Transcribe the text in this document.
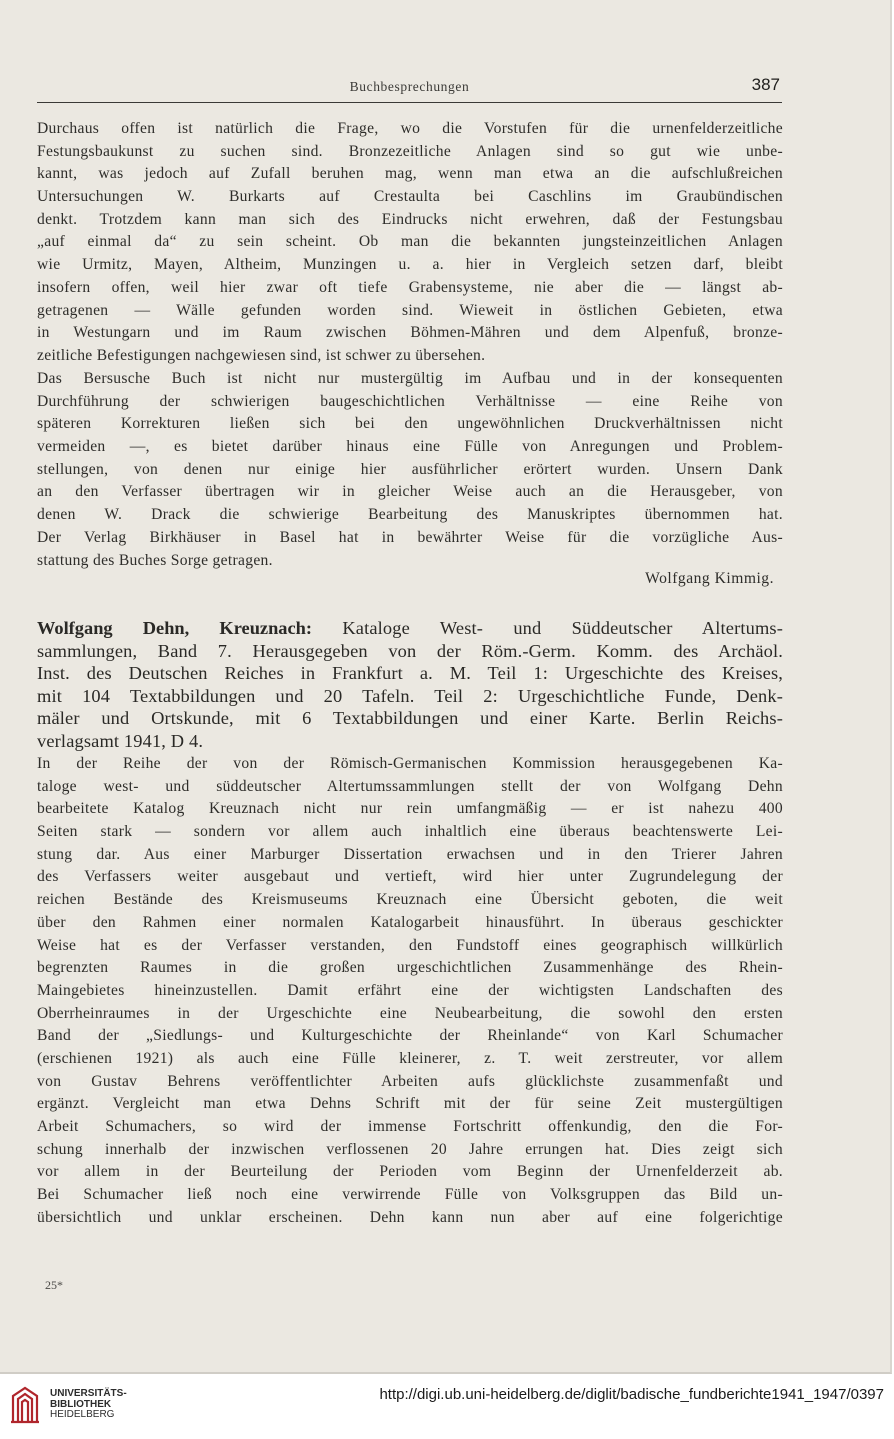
Buchbesprechungen	387
Durchaus offen ist natürlich die Frage, wo die Vorstufen für die urnenfelderzeitliche
Festungsbaukunst zu suchen sind. Bronzezeitliche Anlagen sind so gut wie unbe-
kannt, was jedoch auf Zufall beruhen mag, wenn man etwa an die aufschlußreichen
Untersuchungen W. Burkarts auf Crestaulta bei Caschlins im Graubündischen
denkt. Trotzdem kann man sich des Eindrucks nicht erwehren, daß der Festungsbau
„auf einmal da“ zu sein scheint. Ob man die bekannten jungsteinzeitlichen Anlagen
wie Urmitz, Mayen, Altheim, Munzingen u. a. hier in Vergleich setzen darf, bleibt
insofern offen, weil hier zwar oft tiefe Grabensysteme, nie aber die — längst ab-
getragenen — Wälle gefunden worden sind. Wieweit in östlichen Gebieten, etwa
in Westungarn und im Raum zwischen Böhmen-Mähren und dem Alpenfuß, bronze-
zeitliche Befestigungen nachgewiesen sind, ist schwer zu übersehen.
Das Bersusche Buch ist nicht nur mustergültig im Aufbau und in der konsequenten
Durchführung der schwierigen baugeschichtlichen Verhältnisse — eine Reihe von
späteren Korrekturen ließen sich bei den ungewöhnlichen Druckverhältnissen nicht
vermeiden —, es bietet darüber hinaus eine Fülle von Anregungen und Problem-
stellungen, von denen nur einige hier ausführlicher erörtert wurden. Unsern Dank
an den Verfasser übertragen wir in gleicher Weise auch an die Herausgeber, von
denen W. Drack die schwierige Bearbeitung des Manuskriptes übernommen hat.
Der Verlag Birkhäuser in Basel hat in bewährter Weise für die vorzügliche Aus-
stattung des Buches Sorge getragen.
Wolfgang Kimmig.
Wolfgang Dehn, Kreuznach: Kataloge West- und Süddeutscher Altertums-
sammlungen, Band 7. Herausgegeben von der Röm.-Germ. Komm. des Archäol.
Inst. des Deutschen Reiches in Frankfurt a. M. Teil 1: Urgeschichte des Kreises,
mit 104 Textabbildungen und 20 Tafeln. Teil 2: Urgeschichtliche Funde, Denk-
mäler und Ortskunde, mit 6 Textabbildungen und einer Karte. Berlin Reichs-
verlagsamt 1941, D 4.
In der Reihe der von der Römisch-Germanischen Kommission herausgegebenen Ka-
taloge west- und süddeutscher Altertumssammlungen stellt der von Wolfgang Dehn
bearbeitete Katalog Kreuznach nicht nur rein umfangmäßig — er ist nahezu 400
Seiten stark — sondern vor allem auch inhaltlich eine überaus beachtenswerte Lei-
stung dar. Aus einer Marburger Dissertation erwachsen und in den Trierer Jahren
des Verfassers weiter ausgebaut und vertieft, wird hier unter Zugrundelegung der
reichen Bestände des Kreismuseums Kreuznach eine Übersicht geboten, die weit
über den Rahmen einer normalen Katalogarbeit hinausführt. In überaus geschickter
Weise hat es der Verfasser verstanden, den Fundstoff eines geographisch willkürlich
begrenzten Raumes in die großen urgeschichtlichen Zusammenhänge des Rhein-
Maingebietes hineinzustellen. Damit erfährt eine der wichtigsten Landschaften des
Oberrheinraumes in der Urgeschichte eine Neubearbeitung, die sowohl den ersten
Band der „Siedlungs- und Kulturgeschichte der Rheinlande“ von Karl Schumacher
(erschienen 1921) als auch eine Fülle kleinerer, z. T. weit zerstreuter, vor allem
von Gustav Behrens veröffentlichter Arbeiten aufs glücklichste zusammenfaßt und
ergänzt. Vergleicht man etwa Dehns Schrift mit der für seine Zeit mustergültigen
Arbeit Schumachers, so wird der immense Fortschritt offenkundig, den die For-
schung innerhalb der inzwischen verflossenen 20 Jahre errungen hat. Dies zeigt sich
vor allem in der Beurteilung der Perioden vom Beginn der Urnenfelderzeit ab.
Bei Schumacher ließ noch eine verwirrende Fülle von Volksgruppen das Bild un-
übersichtlich und unklar erscheinen. Dehn kann nun aber auf eine folgerichtige
25*
UNIVERSITÄTS-
BIBLIOTHEK
HEIDELBERG
http://digi.ub.uni-heidelberg.de/diglit/badische_fundberichte1941_1947/0397
